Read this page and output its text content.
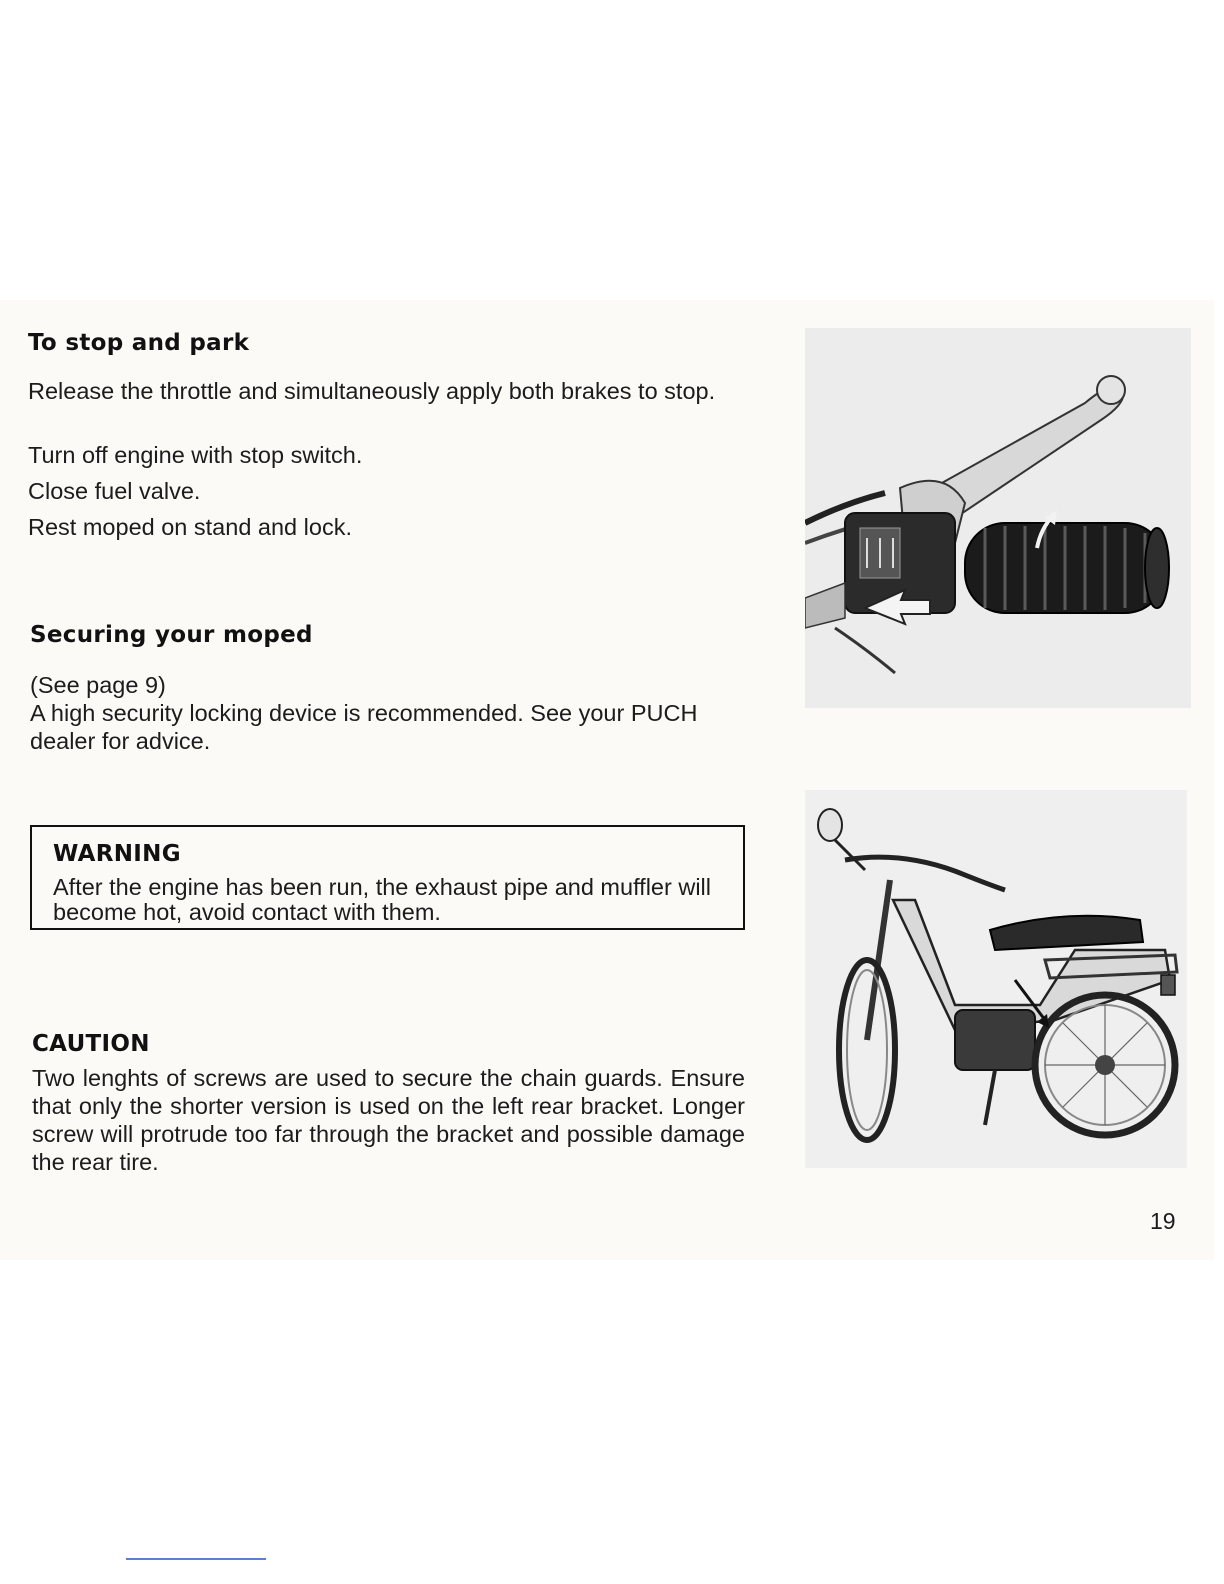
To stop and park

Release the throttle and simultaneously apply both brakes to stop.

Turn off engine with stop switch.

Close fuel valve.

Rest moped on stand and lock.

Securing your moped

(See page 9)

A high security locking device is recommended. See your PUCH dealer for advice.

WARNING

After the engine has been run, the exhaust pipe and muffler will become hot, avoid contact with them.

CAUTION

Two lenghts of screws are used to secure the chain guards. Ensure that only the shorter version is used on the left rear bracket. Longer screw will protrude too far through the bracket and possible damage the rear tire.

19
